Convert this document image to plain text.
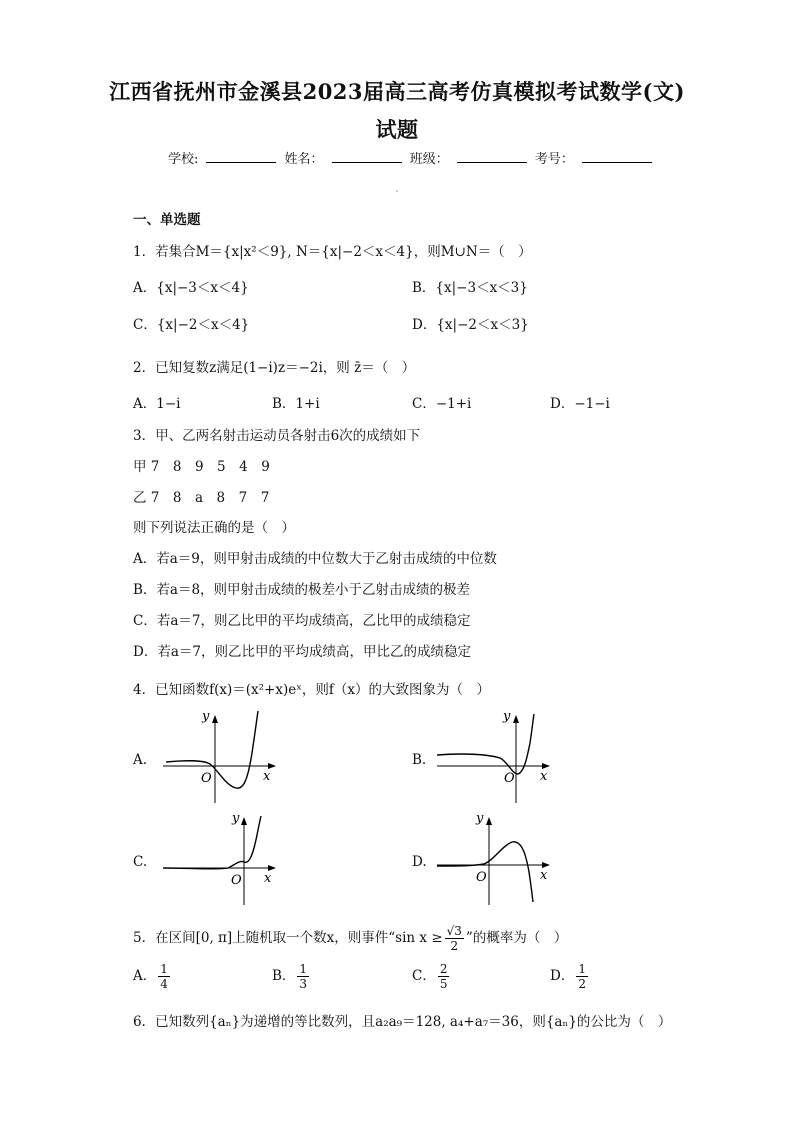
江西省抚州市金溪县2023届高三高考仿真模拟考试数学(文)
试题
学校:	姓名：	班级：	考号：
一、单选题
1．若集合M＝{x|x²＜9}, N＝{x|−2＜x＜4}，则M∪N＝（　）
A．{x|−3＜x＜4}	B．{x|−3＜x＜3}
C．{x|−2＜x＜4}	D．{x|−2＜x＜3}
2．已知复数z满足(1−i)z＝−2i，则 z̄＝（　）
A．1−i	B．1+i	C．−1+i	D．−1−i
3．甲、乙两名射击运动员各射击6次的成绩如下
甲 7　8　9　5　4　9
乙 7　8　a　8　7　7
则下列说法正确的是（　）
A．若a＝9，则甲射击成绩的中位数大于乙射击成绩的中位数
B．若a＝8，则甲射击成绩的极差小于乙射击成绩的极差
C．若a＝7，则乙比甲的平均成绩高，乙比甲的成绩稳定
D．若a＝7，则乙比甲的平均成绩高，甲比乙的成绩稳定
4．已知函数f(x)＝(x²+x)eˣ，则f（x）的大致图象为（　）
A.
y
x
O
B.
y
x
O
C.
y
x
O
D.
y
x
O
5．在区间[0, π]上随机取一个数x，则事件“sin $x \ge \frac{√3}{2}$ ”的概率为（　）
A． $\frac{1}{4}$	B． $\frac{1}{3}$	C． $\frac{2}{5}$	D． $\frac{1}{2}$
6．已知数列{aₙ}为递增的等比数列，且a₂a₉＝128, a₄+a₇＝36，则{aₙ}的公比为（　）
